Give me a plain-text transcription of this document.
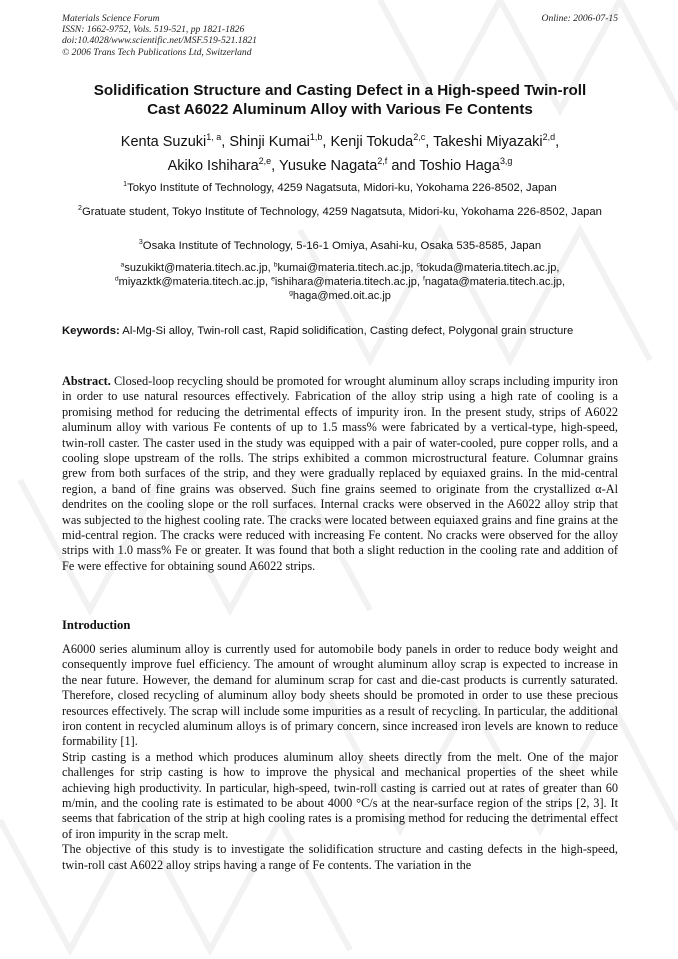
Materials Science Forum
ISSN: 1662-9752, Vols. 519-521, pp 1821-1826
doi:10.4028/www.scientific.net/MSF.519-521.1821
© 2006 Trans Tech Publications Ltd, Switzerland
Online: 2006-07-15
Solidification Structure and Casting Defect in a High-speed Twin-roll
Cast A6022 Aluminum Alloy with Various Fe Contents
Kenta Suzuki$^{1, a}$, Shinji Kumai$^{1,b}$, Kenji Tokuda$^{2,c}$, Takeshi Miyazaki$^{2,d}$,
Akiko Ishihara$^{2,e}$, Yusuke Nagata$^{2,f}$ and Toshio Haga$^{3,g}$
$^1$Tokyo Institute of Technology, 4259 Nagatsuta, Midori-ku, Yokohama 226-8502, Japan
$^2$Gratuate student, Tokyo Institute of Technology, 4259 Nagatsuta, Midori-ku, Yokohama 226-8502, Japan
$^3$Osaka Institute of Technology, 5-16-1 Omiya, Asahi-ku, Osaka 535-8585, Japan
$^a$suzukikt@materia.titech.ac.jp, $^b$kumai@materia.titech.ac.jp, $^c$tokuda@materia.titech.ac.jp,
$^d$miyazktk@materia.titech.ac.jp, $^e$ishihara@materia.titech.ac.jp, $^f$nagata@materia.titech.ac.jp,
$^g$haga@med.oit.ac.jp
Keywords: Al-Mg-Si alloy, Twin-roll cast, Rapid solidification, Casting defect, Polygonal grain structure
Abstract. Closed-loop recycling should be promoted for wrought aluminum alloy scraps including impurity iron in order to use natural resources effectively. Fabrication of the alloy strip using a high rate of cooling is a promising method for reducing the detrimental effects of impurity iron. In the present study, strips of A6022 aluminum alloy with various Fe contents of up to 1.5 mass% were fabricated by a vertical-type, high-speed, twin-roll caster. The caster used in the study was equipped with a pair of water-cooled, pure copper rolls, and a cooling slope upstream of the rolls. The strips exhibited a common microstructural feature. Columnar grains grew from both surfaces of the strip, and they were gradually replaced by equiaxed grains. In the mid-central region, a band of fine grains was observed. Such fine grains seemed to originate from the crystallized α-Al dendrites on the cooling slope or the roll surfaces. Internal cracks were observed in the A6022 alloy strip that was subjected to the highest cooling rate. The cracks were located between equiaxed grains and fine grains at the mid-central region. The cracks were reduced with increasing Fe content. No cracks were observed for the alloy strips with 1.0 mass% Fe or greater. It was found that both a slight reduction in the cooling rate and addition of Fe were effective for obtaining sound A6022 strips.
Introduction

A6000 series aluminum alloy is currently used for automobile body panels in order to reduce body weight and consequently improve fuel efficiency. The amount of wrought aluminum alloy scrap is expected to increase in the near future. However, the demand for aluminum scrap for cast and die-cast products is currently saturated. Therefore, closed recycling of aluminum alloy body sheets should be promoted in order to use these precious resources effectively. The scrap will include some impurities as a result of recycling. In particular, the additional iron content in recycled aluminum alloys is of primary concern, since increased iron levels are known to reduce formability [1].

Strip casting is a method which produces aluminum alloy sheets directly from the melt. One of the major challenges for strip casting is how to improve the physical and mechanical properties of the sheet while achieving high productivity. In particular, high-speed, twin-roll casting is carried out at rates of greater than 60 m/min, and the cooling rate is estimated to be about 4000 °C/s at the near-surface region of the strips [2, 3]. It seems that fabrication of the strip at high cooling rates is a promising method for reducing the detrimental effect of iron impurity in the scrap melt.

The objective of this study is to investigate the solidification structure and casting defects in the high-speed, twin-roll cast A6022 alloy strips having a range of Fe contents. The variation in the
